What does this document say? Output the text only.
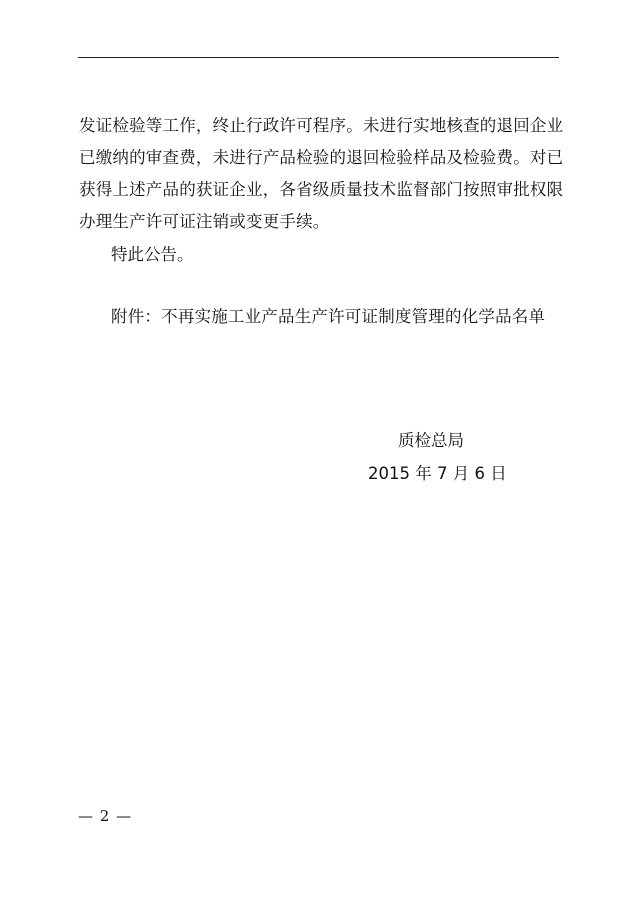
发证检验等工作，终止行政许可程序。未进行实地核查的退回企业
已缴纳的审查费，未进行产品检验的退回检验样品及检验费。对已
获得上述产品的获证企业，各省级质量技术监督部门按照审批权限
办理生产许可证注销或变更手续。
特此公告。
附件：不再实施工业产品生产许可证制度管理的化学品名单
质检总局
2015 年 7 月 6 日
— 2 —
